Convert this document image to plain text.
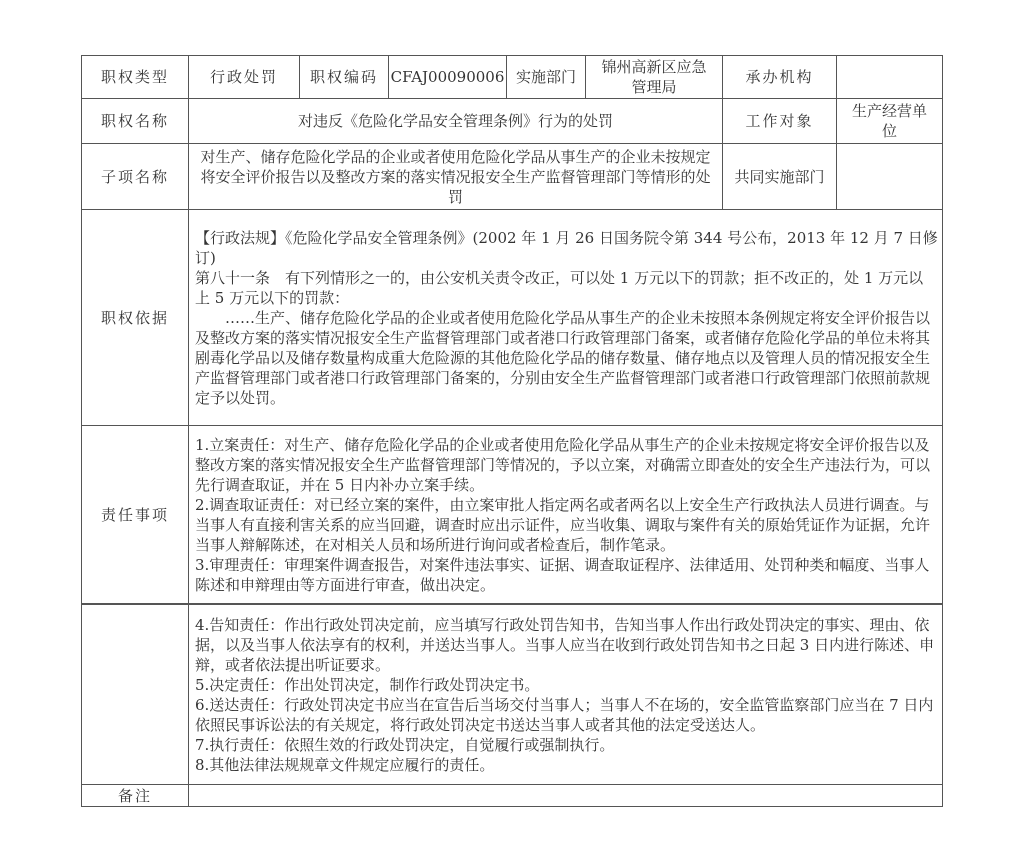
职权类型	行政处罚	职权编码	CFAJ00090006	实施部门	锦州高新区应急管理局	承办机构	
职权名称	对违反《危险化学品安全管理条例》行为的处罚					工作对象	生产经营单位
子项名称	对生产、储存危险化学品的企业或者使用危险化学品从事生产的企业未按规定将安全评价报告以及整改方案的落实情况报安全生产监督管理部门等情形的处罚					共同实施部门	
职权依据	【行政法规】《危险化学品安全管理条例》(2002 年 1 月 26 日国务院令第 344 号公布，2013 年 12 月 7 日修订)

第八十一条　有下列情形之一的，由公安机关责令改正，可以处 1 万元以下的罚款；拒不改正的，处 1 万元以上 5 万元以下的罚款：

……生产、储存危险化学品的企业或者使用危险化学品从事生产的企业未按照本条例规定将安全评价报告以及整改方案的落实情况报安全生产监督管理部门或者港口行政管理部门备案，或者储存危险化学品的单位未将其剧毒化学品以及储存数量构成重大危险源的其他危险化学品的储存数量、储存地点以及管理人员的情况报安全生产监督管理部门或者港口行政管理部门备案的，分别由安全生产监督管理部门或者港口行政管理部门依照前款规定予以处罚。						

责任事项	1.立案责任：对生产、储存危险化学品的企业或者使用危险化学品从事生产的企业未按规定将安全评价报告以及整改方案的落实情况报安全生产监督管理部门等情况的，予以立案，对确需立即查处的安全生产违法行为，可以先行调查取证，并在 5 日内补办立案手续。

2.调查取证责任：对已经立案的案件，由立案审批人指定两名或者两名以上安全生产行政执法人员进行调查。与当事人有直接利害关系的应当回避，调查时应出示证件，应当收集、调取与案件有关的原始凭证作为证据，允许当事人辩解陈述，在对相关人员和场所进行询问或者检查后，制作笔录。

3.审理责任：审理案件调查报告，对案件违法事实、证据、调查取证程序、法律适用、处罚种类和幅度、当事人陈述和申辩理由等方面进行审查，做出决定。						

	4.告知责任：作出行政处罚决定前，应当填写行政处罚告知书，告知当事人作出行政处罚决定的事实、理由、依据，以及当事人依法享有的权利，并送达当事人。当事人应当在收到行政处罚告知书之日起 3 日内进行陈述、申辩，或者依法提出听证要求。

5.决定责任：作出处罚决定，制作行政处罚决定书。

6.送达责任：行政处罚决定书应当在宣告后当场交付当事人；当事人不在场的，安全监管监察部门应当在 7 日内依照民事诉讼法的有关规定，将行政处罚决定书送达当事人或者其他的法定受送达人。

7.执行责任：依照生效的行政处罚决定，自觉履行或强制执行。

8.其他法律法规规章文件规定应履行的责任。

备注	
